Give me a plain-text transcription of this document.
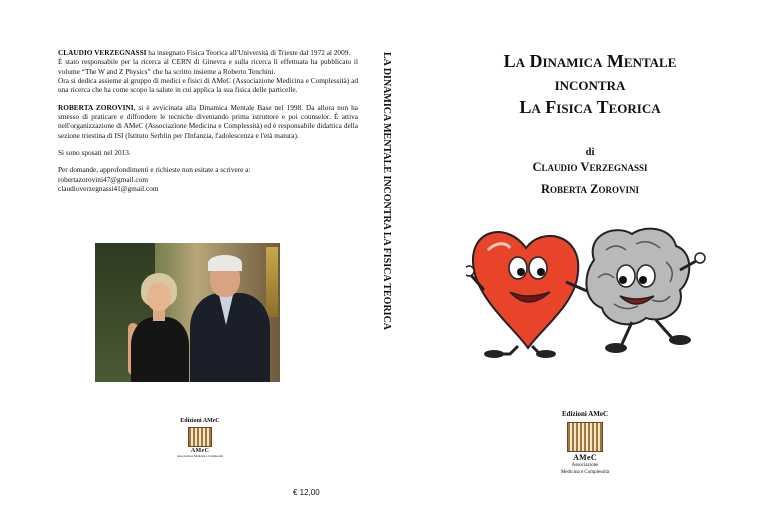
CLAUDIO VERZEGNASSI ha insegnato Fisica Teorica all'Università di Trieste dal 1972 al 2009.
È stato responsabile per la ricerca al CERN di Ginevra e sulla ricerca lì effettuata ha pubblicato il volume “The W and Z Physics” che ha scritto insieme a Roberto Tenchini.
Ora si dedica assieme al gruppo di medici e fisici di AMeC (Associazione Medicina e Complessità) ad una ricerca che ha come scopo la salute in cui applica la sua fisica delle particelle.

ROBERTA ZOROVINI, si è avvicinata alla Dinamica Mentale Base nel 1998. Da allora non ha smesso di praticare e diffondere le tecniche diventando prima istruttore e poi counselor. È attiva nell'organizzazione di AMeC (Associazione Medicina e Complessità) ed è responsabile didattica della sezione triestina di ISI (Istituto Serblin per l'Infanzia, l'adolescenza e l'età matura).

Si sono sposati nel 2013.

Per domande, approfondimenti e richieste non esitate a scrivere a:
robertazorovini47@gmail.com
claudioverzegnassi41@gmail.com

Edizioni AMeC
AMeC
Associazione Medicina e Complessità
€ 12,00
LA DINAMICA MENTALE INCONTRA LA FISICA TEORICA	La Dinamica Mentale
incontra
La Fisica Teorica
di
Claudio Verzegnassi
Roberta Zorovini
Edizioni AMeC
AMeC
Associazione
Medicina e Complessità
